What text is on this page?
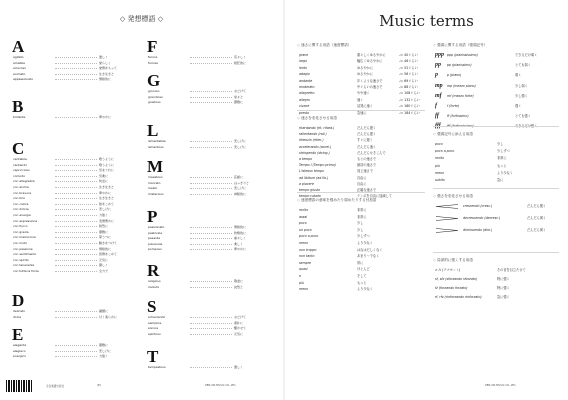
◇ 発想標語 ◇
A
agitato	激しく
amabile	愛らしく
amoroso	愛情をもって
animato	生き生きと
appassionato	情熱的に
B
brillante	華やかに
C
cantabile	歌うように
cantando	歌うように
capriccioso	気まぐれに
comodo	気楽に
con allegrezza	快活に
con anima	生き生きと
con bravura	華やかに
con brio	生き生きと
con calore	熱をこめて
con dolore	悲しげに
con energia	力強く
con espressione	表情豊かに
con fuoco	熱烈に
con grazia	優雅に
con malinconia	憂うつに
con moto	動きをつけて
con passione	情熱的に
con sentimento	感情をこめて
con spirito	元気に
con tenerezza	優しく
con tutta la forza	全力で
D
delicato	繊細に
dolce	甘く柔らかに
E
elegante	優雅に
elegiaco	悲しげに
energico	力強く
F
feroce	荒々しく
furioso	熱狂的に
G
giocoso	おどけて
grandioso	堂々と
grazioso	優雅に
L
lamentabile	悲しげに
lamentoso	悲しげに
M
maestoso	荘厳に
marcato	はっきりと
mesto	悲しげに
misterioso	神秘的に
P
passionato	情熱的に
pastorale	牧歌的に
pesante	重々しく
piacevole	楽しく
pomposo	華やかに
R
religioso	敬虔に
risoluto	決然と
S
scherzando	おどけて
semplice	素朴に
sonore	響かせて
spiritoso	元気に
T
tempestoso	激しく
全音楽譜出版社	(B)	ZEN-ON MUSIC CO.,LTD.
Music terms
◇ 速さに関する用語（速度標語）
grave	重々しくゆるやかに	♩= 40ぐらい
largo	幅広くゆるやかに	♩= 46ぐらい
lento	ゆるやかに	♩= 52ぐらい
adagio	ゆるやかに	♩= 56ぐらい
andante	歩くような速さで	♩= 69ぐらい
moderato	中ぐらいの速さで	♩= 88ぐらい
allegretto	やや速く	♩= 108ぐらい
allegro	速く	♩= 132ぐらい
vivace	活発に速く	♩= 160ぐらい
presto	急速に	♩= 184ぐらい
◇ 速さを変化させる用語
ritardando (rit. ritard.)	だんだん遅く
rallentando (rall.)	だんだん遅く
ritenuto (riten.)	すぐに遅く
accelerando (accel.)	だんだん速く
stringendo (string.)	だんだんせきこんで
a tempo	もとの速さで
Tempo I (Tempo primo)	最初の速さで
L'istesso tempo	同じ速さで
ad libitum (ad lib.)	自由に
a piacere	自由に
tempo giusto	正確な速さで
tempo rubato	テンポを自由に加減して
◇ 速度標語の意味を強めたり弱めたりする付加語
molto	非常に
assai	非常に
poco	少し
un poco	少し
poco a poco	少しずつ
meno	より少なく
non troppo	はなはだしくなく
non tanto	あまり〜でなく
sempre	常に
quasi	ほとんど
e	そして
più	もっと
meno	より少なく
◇ 強弱に関する用語（強弱記号）
ppp ppp (pianississimo)	できるだけ弱く
pp pp (pianissimo)	とても弱く
p	p (piano)	弱く
mp mp (mezzo piano)	少し弱く
mf mf (mezzo forte)	少し強く
f	f (forte)	強く
ff	ff (fortissimo)	とても強く
fff fff (fortississimo)	できるだけ強く
◇ 強弱記号に添える用語
poco	少し
poco a poco	少しずつ
molto	非常に
più	もっと
meno	より少なく
subito	急に
◇ 強さを変化させる用語
crescendo (cresc.)	だんだん強く
decrescendo (decresc.)	だんだん弱く
diminuendo (dim.)	だんだん弱く
◇ 局部的に強くする用語
> Λ (アクセント)	その音を目立たせて
sf, sfz (sforzando sforzato)	特に強く
fz (forzando forzato)	特に強く
rf, rfz (rinforzando rinforzato)	急に強く
ZEN-ON MUSIC CO.,LTD.
